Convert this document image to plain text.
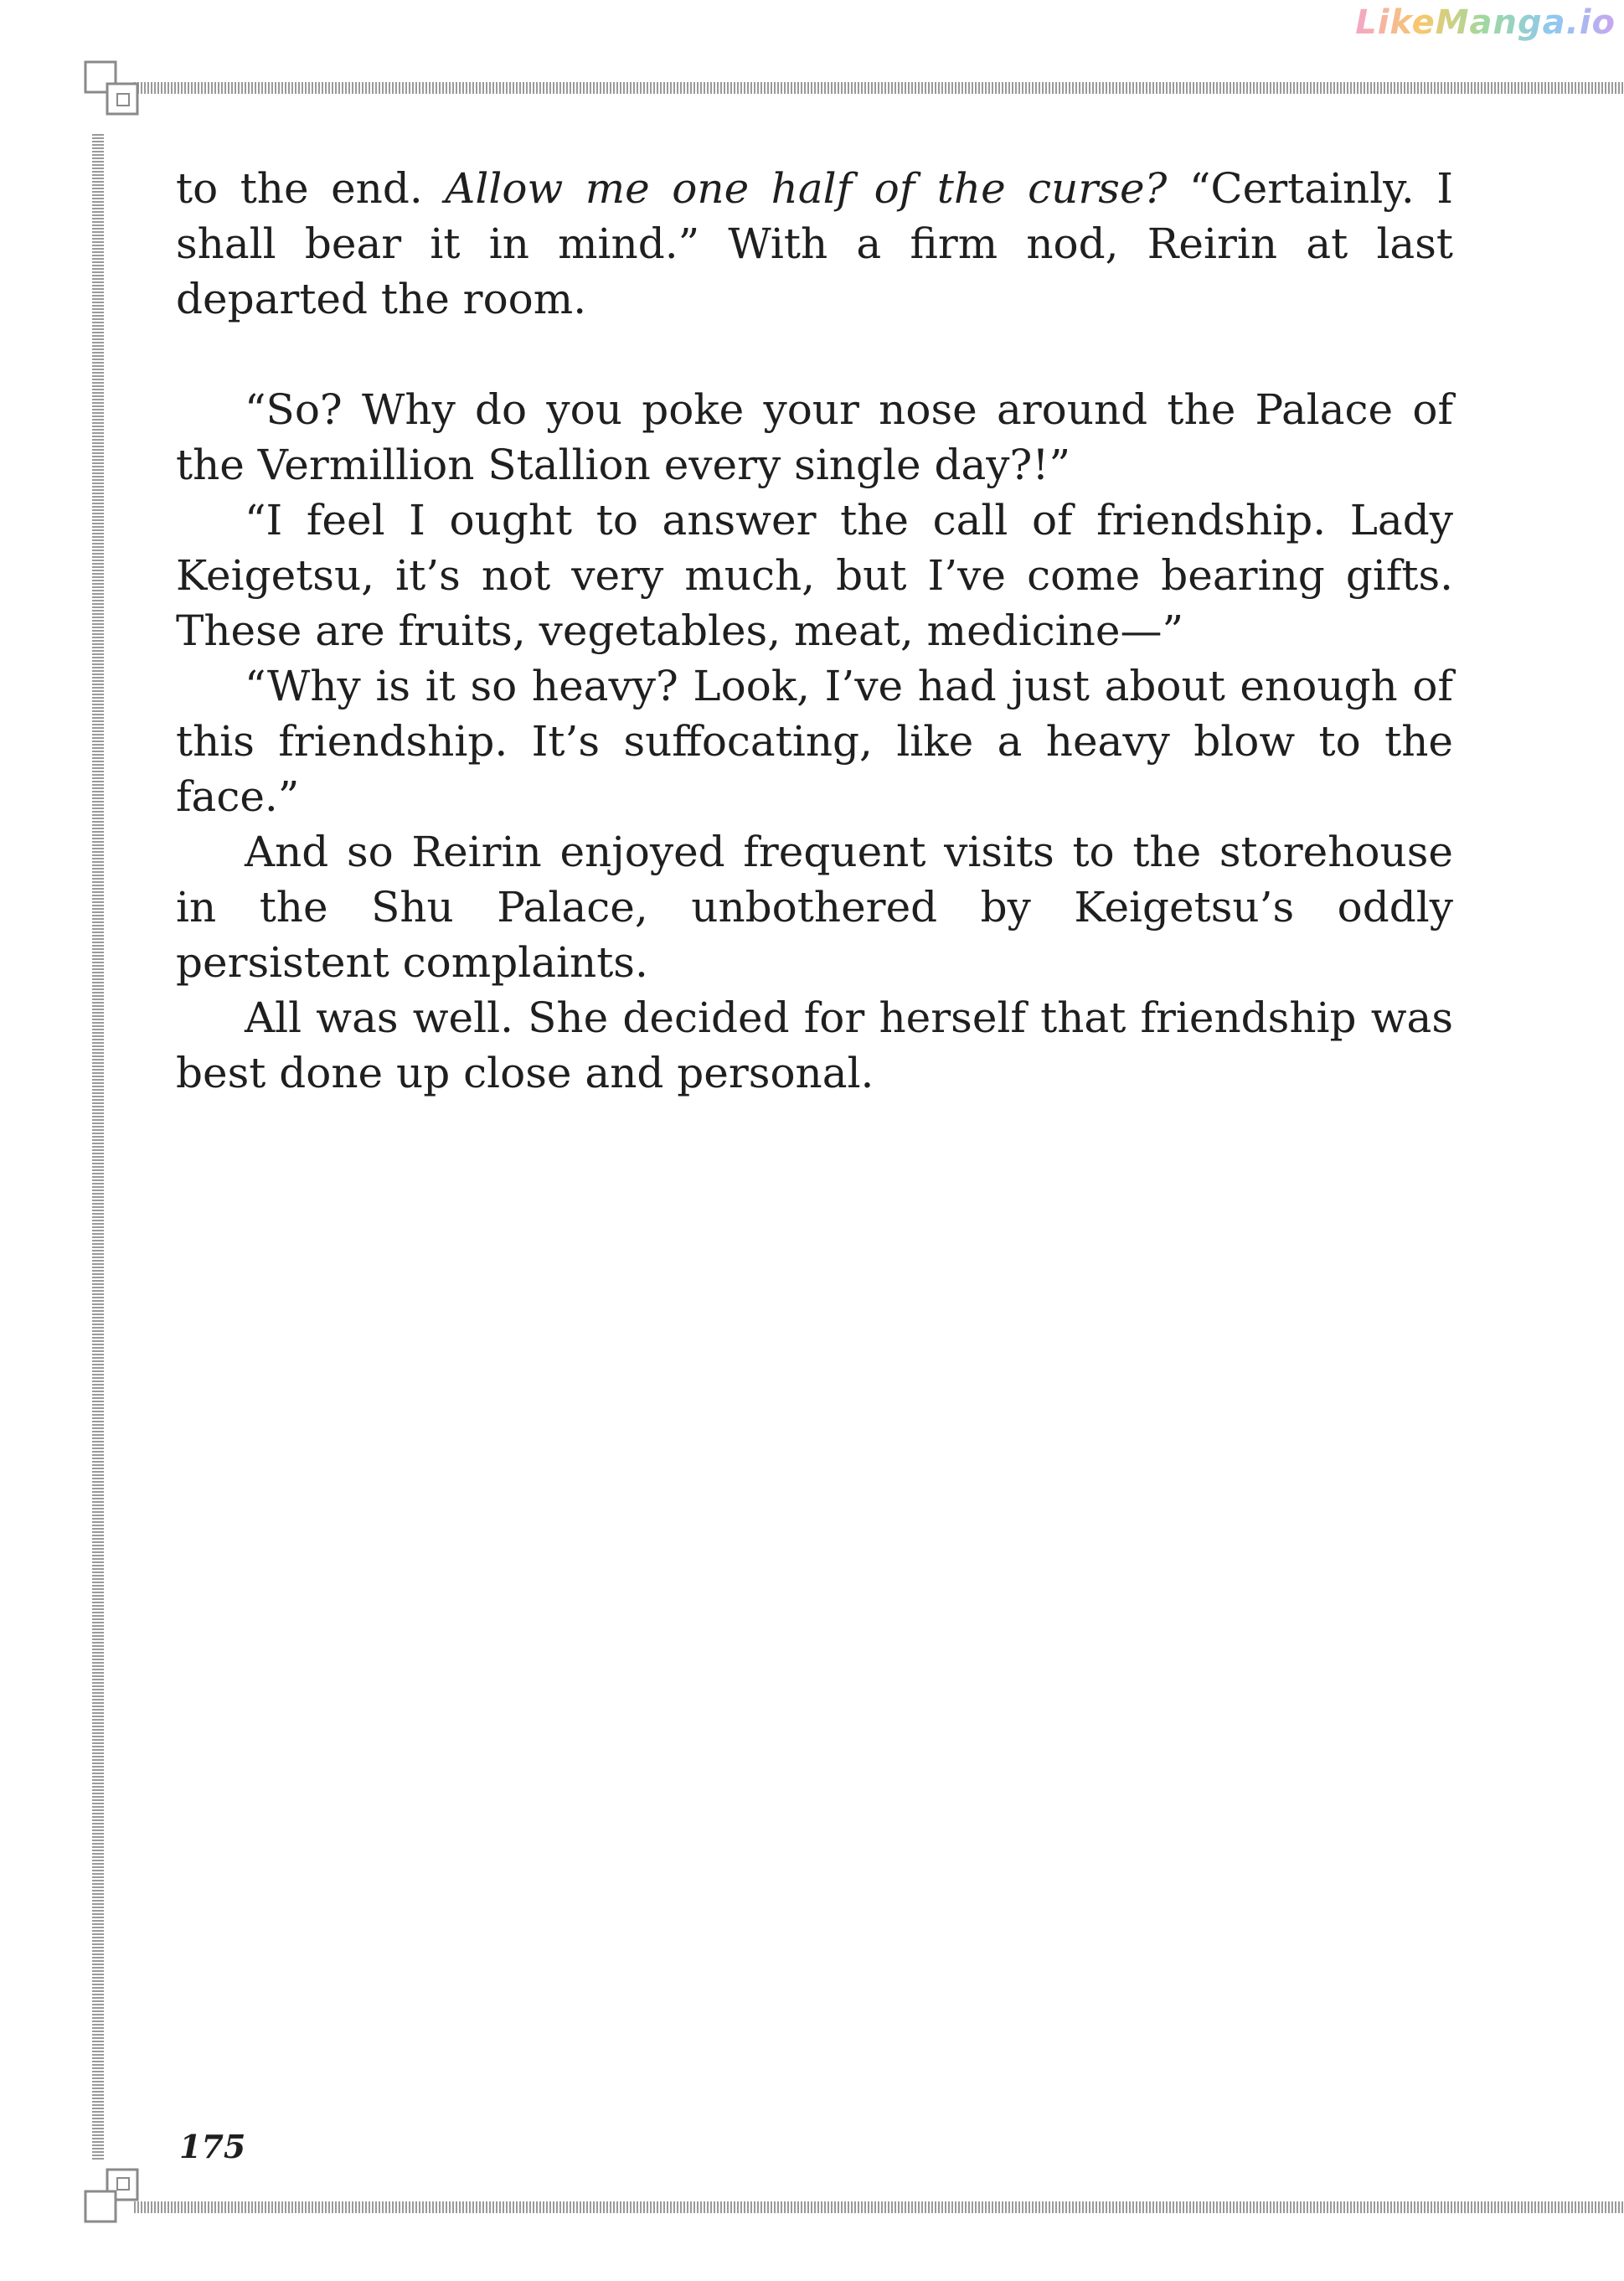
LikeManga.io

to the end. Allow me one half of the curse? “Certainly. I shall bear it in mind.” With a firm nod, Reirin at last departed the room.

“So? Why do you poke your nose around the Palace of the Vermillion Stallion every single day?!”

“I feel I ought to answer the call of friendship. Lady Keigetsu, it’s not very much, but I’ve come bearing gifts. These are fruits, vegetables, meat, medicine—”

“Why is it so heavy? Look, I’ve had just about enough of this friendship. It’s suffocating, like a heavy blow to the face.”

And so Reirin enjoyed frequent visits to the storehouse in the Shu Palace, unbothered by Keigetsu’s oddly persistent complaints.

All was well. She decided for herself that friendship was best done up close and personal.

175
